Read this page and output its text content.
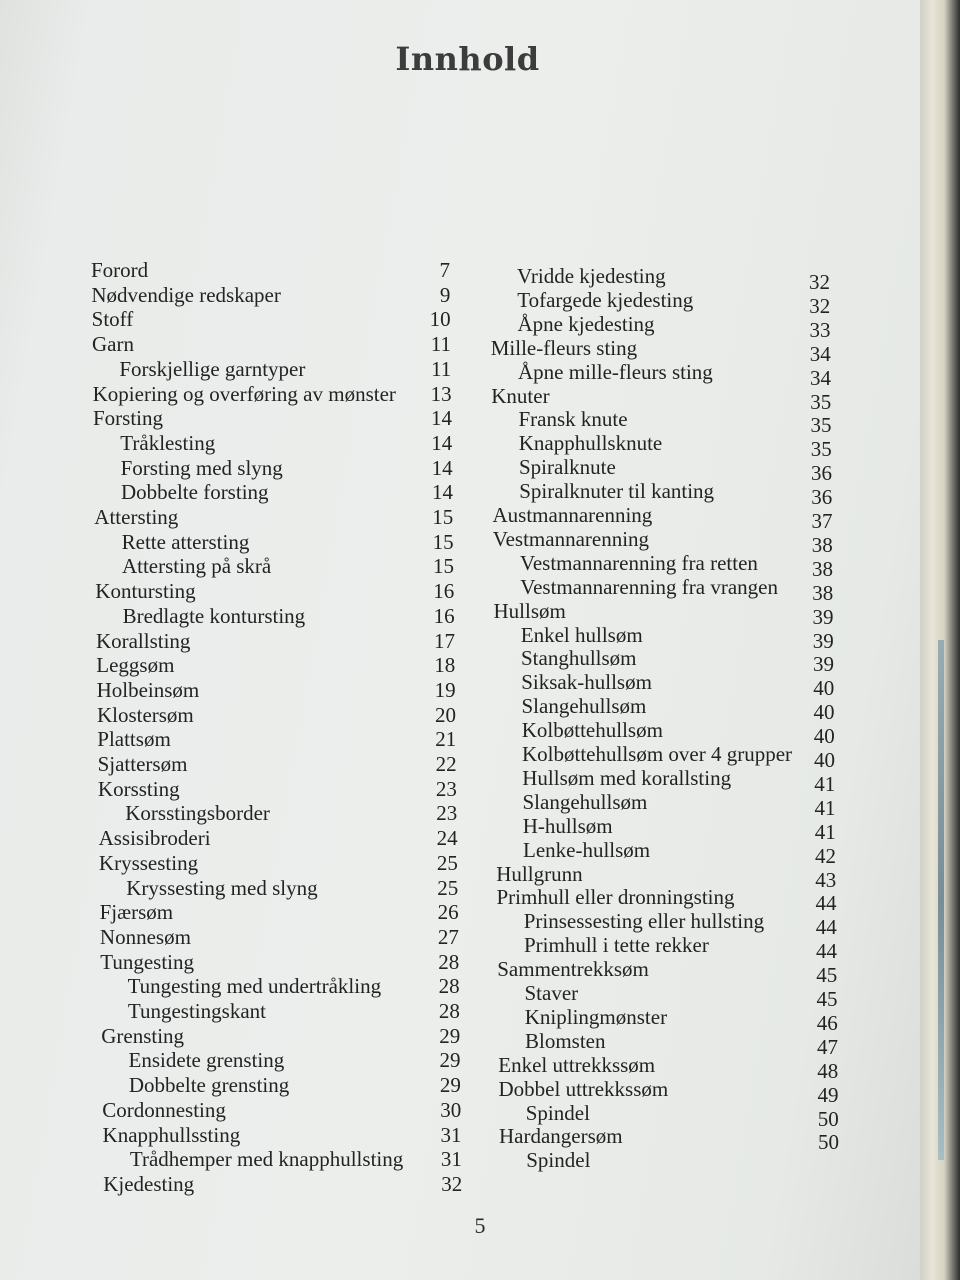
Innhold
Forord	7
Nødvendige redskaper	9
Stoff	10
Garn	11
Forskjellige garntyper	11
Kopiering og overføring av mønster	13
Forsting	14
Tråklesting	14
Forsting med slyng	14
Dobbelte forsting	14
Attersting	15
Rette attersting	15
Attersting på skrå	15
Kontursting	16
Bredlagte kontursting	16
Korallsting	17
Leggsøm	18
Holbeinsøm	19
Klostersøm	20
Plattsøm	21
Sjattersøm	22
Korssting	23
Korsstingsborder	23
Assisibroderi	24
Kryssesting	25
Kryssesting med slyng	25
Fjærsøm	26
Nonnesøm	27
Tungesting	28
Tungesting med undertråkling	28
Tungestingskant	28
Grensting	29
Ensidete grensting	29
Dobbelte grensting	29
Cordonnesting	30
Knapphullssting	31
Trådhemper med knapphullsting	31
Kjedesting	32
Vridde kjedesting	32
Tofargede kjedesting	32
Åpne kjedesting	33
Mille-fleurs sting	34
Åpne mille-fleurs sting	34
Knuter	35
Fransk knute	35
Knapphullsknute	35
Spiralknute	36
Spiralknuter til kanting	36
Austmannarenning	37
Vestmannarenning	38
Vestmannarenning fra retten	38
Vestmannarenning fra vrangen	38
Hullsøm	39
Enkel hullsøm	39
Stanghullsøm	39
Siksak-hullsøm	40
Slangehullsøm	40
Kolbøttehullsøm	40
Kolbøttehullsøm over 4 grupper	40
Hullsøm med korallsting	41
Slangehullsøm	41
H-hullsøm	41
Lenke-hullsøm	42
Hullgrunn	43
Primhull eller dronningsting	44
Prinsessesting eller hullsting	44
Primhull i tette rekker	44
Sammentrekksøm	45
Staver	45
Kniplingmønster	46
Blomsten	47
Enkel uttrekkssøm	48
Dobbel uttrekkssøm	49
Spindel	50
Hardangersøm	50
Spindel
5
